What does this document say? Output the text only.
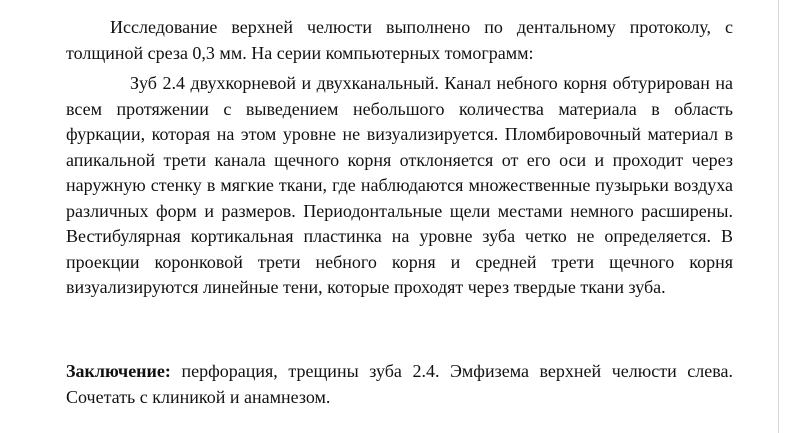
Исследование верхней челюсти выполнено по дентальному протоколу, с толщиной среза 0,3 мм. На серии компьютерных томограмм:

Зуб 2.4 двухкорневой и двухканальный. Канал небного корня обтурирован на всем протяжении с выведением небольшого количества материала в область фуркации, которая на этом уровне не визуализируется. Пломбировочный материал в апикальной трети канала щечного корня отклоняется от его оси и проходит через наружную стенку в мягкие ткани, где наблюдаются множественные пузырьки воздуха различных форм и размеров. Периодонтальные щели местами немного расширены. Вестибулярная кортикальная пластинка на уровне зуба четко не определяется. В проекции коронковой трети небного корня и средней трети щечного корня визуализируются линейные тени, которые проходят через твердые ткани зуба.

Заключение: перфорация, трещины зуба 2.4. Эмфизема верхней челюсти слева. Сочетать с клиникой и анамнезом.
